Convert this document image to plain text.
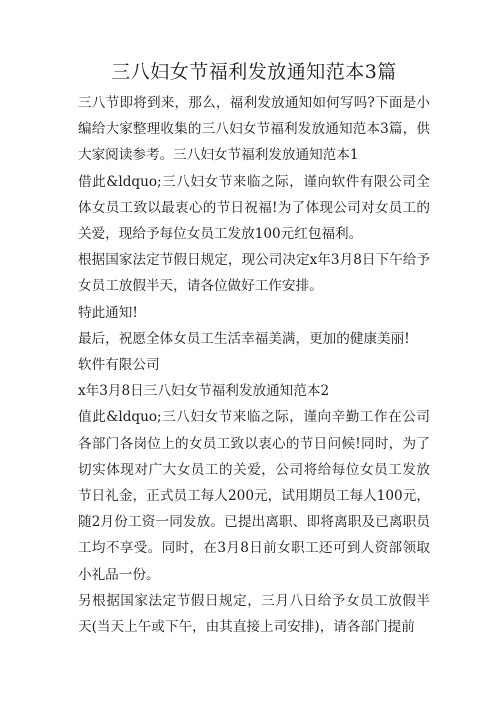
三八妇女节福利发放通知范本3篇

三八节即将到来，那么，福利发放通知如何写吗?下面是小编给大家整理收集的三八妇女节福利发放通知范本3篇，供大家阅读参考。三八妇女节福利发放通知范本1

借此&ldquo;三八妇女节来临之际，谨向软件有限公司全体女员工致以最衷心的节日祝福!为了体现公司对女员工的关爱，现给予每位女员工发放100元红包福利。

根据国家法定节假日规定，现公司决定x年3月8日下午给予女员工放假半天，请各位做好工作安排。

特此通知!

最后，祝愿全体女员工生活幸福美满，更加的健康美丽!

软件有限公司

x年3月8日三八妇女节福利发放通知范本2

值此&ldquo;三八妇女节来临之际，谨向辛勤工作在公司各部门各岗位上的女员工致以衷心的节日问候!同时，为了切实体现对广大女员工的关爱，公司将给每位女员工发放节日礼金，正式员工每人200元，试用期员工每人100元，随2月份工资一同发放。已提出离职、即将离职及已离职员工均不享受。同时，在3月8日前女职工还可到人资部领取小礼品一份。

另根据国家法定节假日规定，三月八日给予女员工放假半天(当天上午或下午，由其直接上司安排)，请各部门提前
